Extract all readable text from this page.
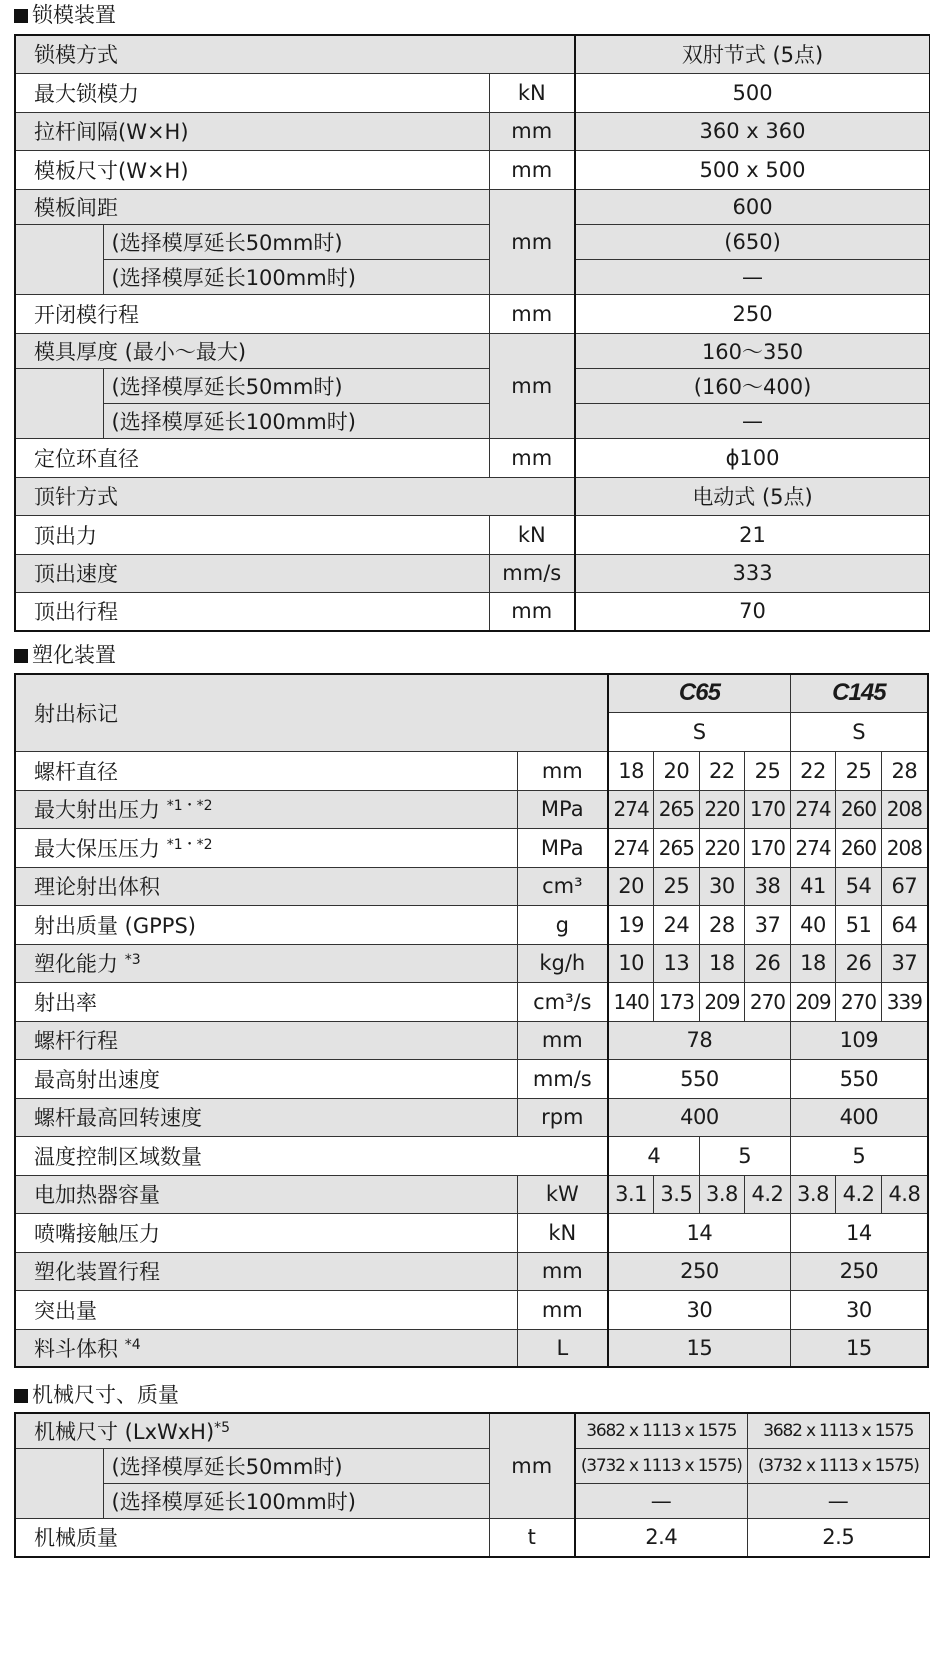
锁模装置
锁模方式			双肘节式 (5点)
最大锁模力		kN	500
拉杆间隔(W×H)		mm	360 x 360
模板尺寸(W×H)		mm	500 x 500
模板间距			600
	(选择模厚延长50mm时)	mm	(650)
	(选择模厚延长100mm时)		—
开闭模行程		mm	250
模具厚度 (最小～最大)			160～350
	(选择模厚延长50mm时)	mm	(160～400)
	(选择模厚延长100mm时)		—
定位环直径		mm	ϕ100
顶针方式			电动式 (5点)
顶出力		kN	21
顶出速度		mm/s	333
顶出行程		mm	70
塑化装置
射出标记		C65				C145		
		S				S		
螺杆直径	mm	18	20	22	25	22	25	28
最大射出压力 $^{*1・*2}$	MPa	274	265	220	170	274	260	208
最大保压压力 $^{*1・*2}$	MPa	274	265	220	170	274	260	208
理论射出体积	cm³	20	25	30	38	41	54	67
射出质量 (GPPS)	g	19	24	28	37	40	51	64
塑化能力 $^{*3}$	kg/h	10	13	18	26	18	26	37
射出率	cm³/s	140	173	209	270	209	270	339
螺杆行程	mm	78				109		
最高射出速度	mm/s	550				550		
螺杆最高回转速度	rpm	400				400		
温度控制区域数量		4		5		5		
电加热器容量	kW	3.1	3.5	3.8	4.2	3.8	4.2	4.8
喷嘴接触压力	kN	14				14		
塑化装置行程	mm	250				250		
突出量	mm	30				30		
料斗体积 $^{*4}$	L	15				15		
机械尺寸、质量
机械尺寸 (LxWxH)$^{*5}$			3682 x 1113 x 1575	3682 x 1113 x 1575
	(选择模厚延长50mm时)	mm	(3732 x 1113 x 1575)	(3732 x 1113 x 1575)
	(选择模厚延长100mm时)		—	—
机械质量		t	2.4	2.5
